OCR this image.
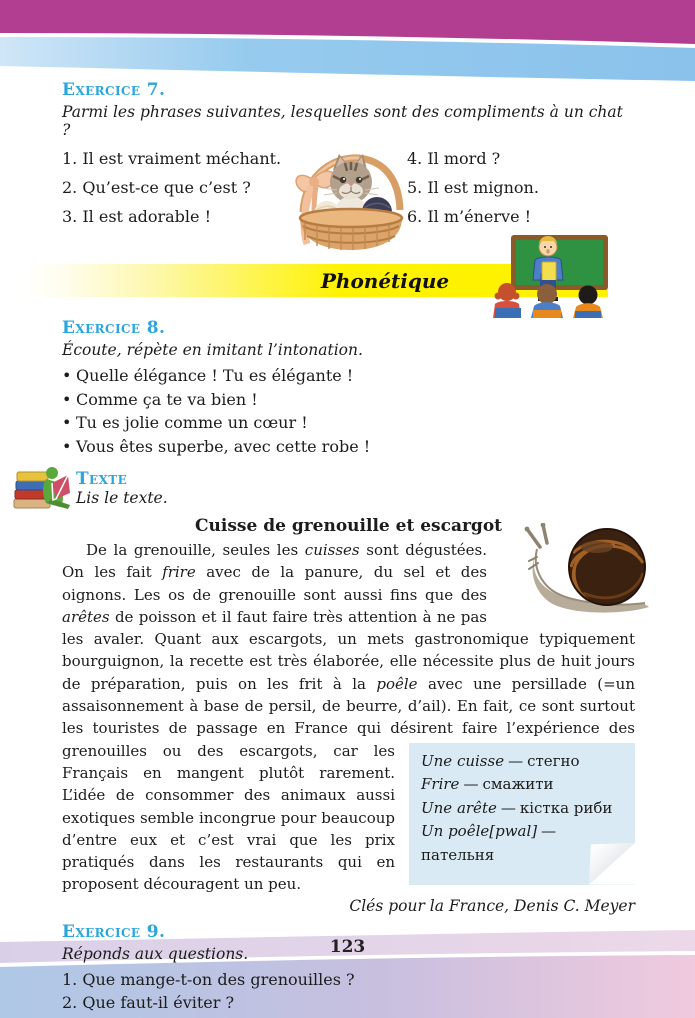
123
Exercice 7.
Parmi les phrases suivantes, lesquelles sont des compliments à un chat ?
1. Il est vraiment méchant.	4. Il mord ?
2. Qu’est-ce que c’est ?	5. Il est mignon.
3. Il est adorable !	6. Il m’énerve !
Phonétique
Exercice 8.
Écoute, répète en imitant l’intonation.
• Quelle élégance ! Tu es élégante !
• Comme ça te va bien !
• Tu es jolie comme un cœur !
• Vous êtes superbe, avec cette robe !
Texte
Lis le texte.
Cuisse de grenouille et escargot

De la grenouille, seules les cuisses sont dégustées. On les fait frire avec de la panure, du sel et des oignons. Les os de grenouille sont aussi fins que des arêtes de poisson et il faut faire très attention à ne pas les avaler. Quant aux escargots, un mets gastronomique typiquement bourguignon, la recette est très élaborée, elle nécessite plus de huit jours de préparation, puis on les frit à la poêle avec une persillade (=un assaisonnement à base de persil, de beurre, d’ail). En fait, ce sont surtout les touristes de passage en France qui désirent faire l’expérience des grenouilles ou
Une cuisse — стегно
Frire — смажити
Une arête — кістка риби
Un poêle[pwal] —пательня
des escargots, car les Français en mangent plutôt rarement. L’idée de consommer des animaux aussi exotiques semble incongrue pour beaucoup d’entre eux et c’est vrai que les prix pratiqués dans les restaurants qui en proposent découragent un peu.

Clés pour la France, Denis C. Meyer
Exercice 9.
Réponds aux questions.
1. Que mange-t-on des grenouilles ?
2. Que faut-il éviter ?
